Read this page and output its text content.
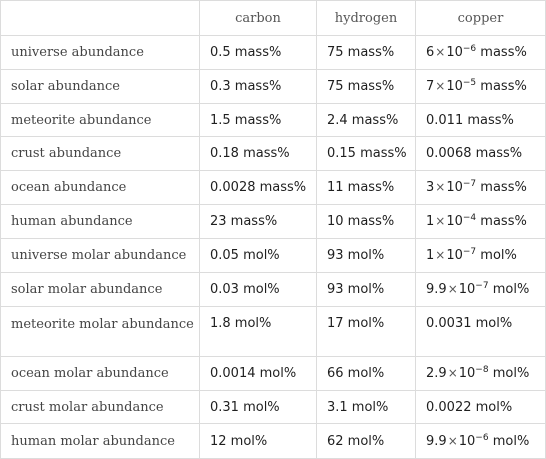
	carbon	hydrogen	copper
universe abundance	0.5 mass%	75 mass%	$6\times 10^{-6}$ mass%
solar abundance	0.3 mass%	75 mass%	$7\times 10^{-5}$ mass%
meteorite abundance	1.5 mass%	2.4 mass%	0.011 mass%
crust abundance	0.18 mass%	0.15 mass%	0.0068 mass%
ocean abundance	0.0028 mass%	11 mass%	$3\times 10^{-7}$ mass%
human abundance	23 mass%	10 mass%	$1\times 10^{-4}$ mass%
universe molar abundance	0.05 mol%	93 mol%	$1\times 10^{-7}$ mol%
solar molar abundance	0.03 mol%	93 mol%	$9.9\times 10^{-7}$ mol%
meteorite molar abundance	1.8 mol%	17 mol%	0.0031 mol%
ocean molar abundance	0.0014 mol%	66 mol%	$2.9\times 10^{-8}$ mol%
crust molar abundance	0.31 mol%	3.1 mol%	0.0022 mol%
human molar abundance	12 mol%	62 mol%	$9.9\times 10^{-6}$ mol%
